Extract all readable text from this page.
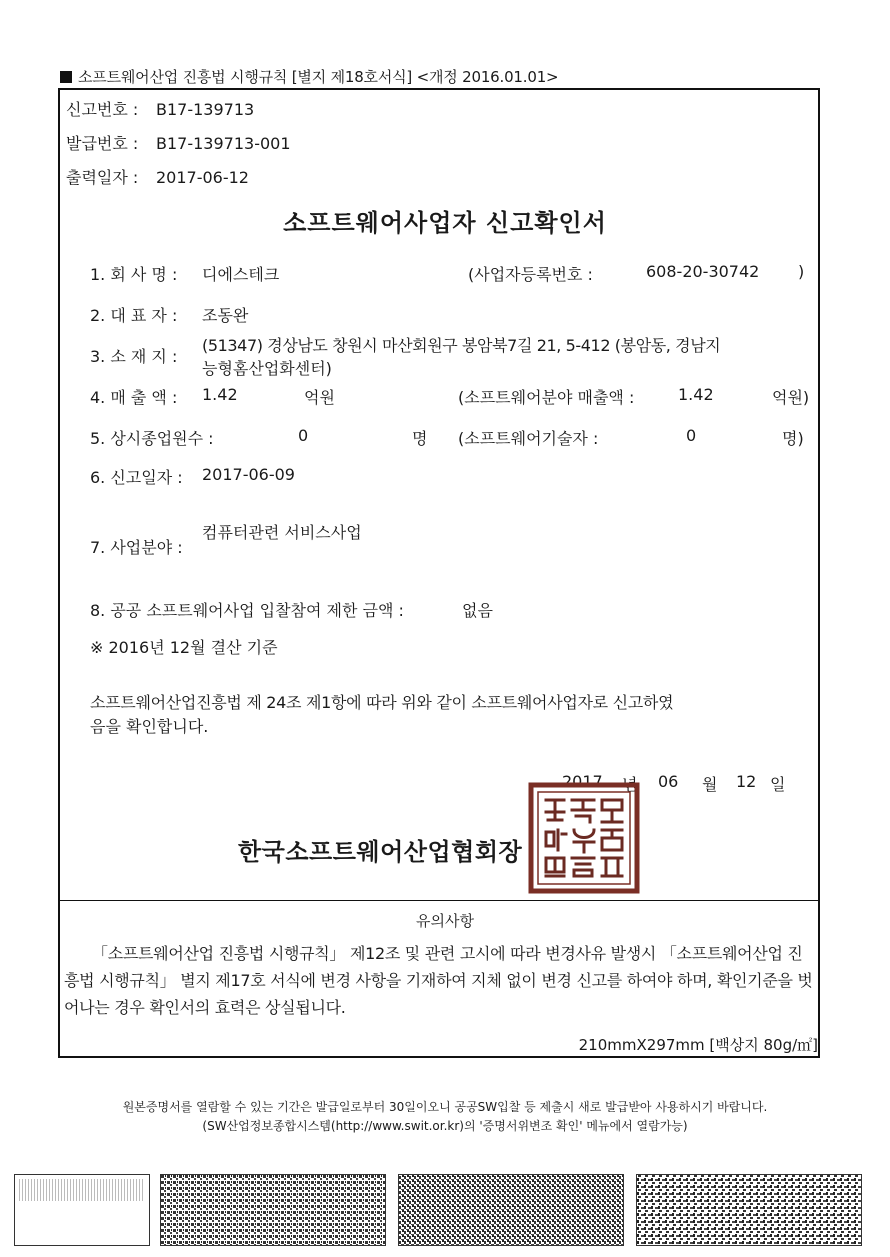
소프트웨어산업 진흥법 시행규칙 [별지 제18호서식] <개정 2016.01.01>
신고번호 : B17-139713
발급번호 : B17-139713-001
출력일자 : 2017-06-12
소프트웨어사업자 신고확인서
1. 회 사 명 : 디에스테크	(사업자등록번호 :	608-20-30742 )
2. 대 표 자 : 조동완
3. 소 재 지 :
(51347) 경상남도 창원시 마산회원구 봉암북7길 21, 5-412 (봉암동, 경남지
능형홈산업화센터)
4. 매 출 액 : 1.42	억원	(소프트웨어분야 매출액 :	1.42	억원)
5. 상시종업원수 :	0	명 (소프트웨어기술자 :	0	명)
6. 신고일자 : 2017-06-09
7. 사업분야 :
컴퓨터관련 서비스사업
8. 공공 소프트웨어사업 입찰참여 제한 금액 :	없음
※ 2016년 12월 결산 기준
소프트웨어산업진흥법 제 24조 제1항에 따라 위와 같이 소프트웨어사업자로 신고하였
음을 확인합니다.
2017 년 06 월 12 일
한국소프트웨어산업협회장
유의사항
「소프트웨어산업 진흥법 시행규칙」 제12조 및 관련 고시에 따라 변경사유 발생시 「소프트웨어산업 진흥법 시행규칙」 별지 제17호 서식에 변경 사항을 기재하여 지체 없이 변경 신고를 하여야 하며, 확인기준을 벗어나는 경우 확인서의 효력은 상실됩니다.
210mmX297mm [백상지 80g/㎡]
원본증명서를 열람할 수 있는 기간은 발급일로부터 30일이오니 공공SW입찰 등 제출시 새로 발급받아 사용하시기 바랍니다.
(SW산업정보종합시스템(http://www.swit.or.kr)의 '증명서위변조 확인' 메뉴에서 열람가능)
